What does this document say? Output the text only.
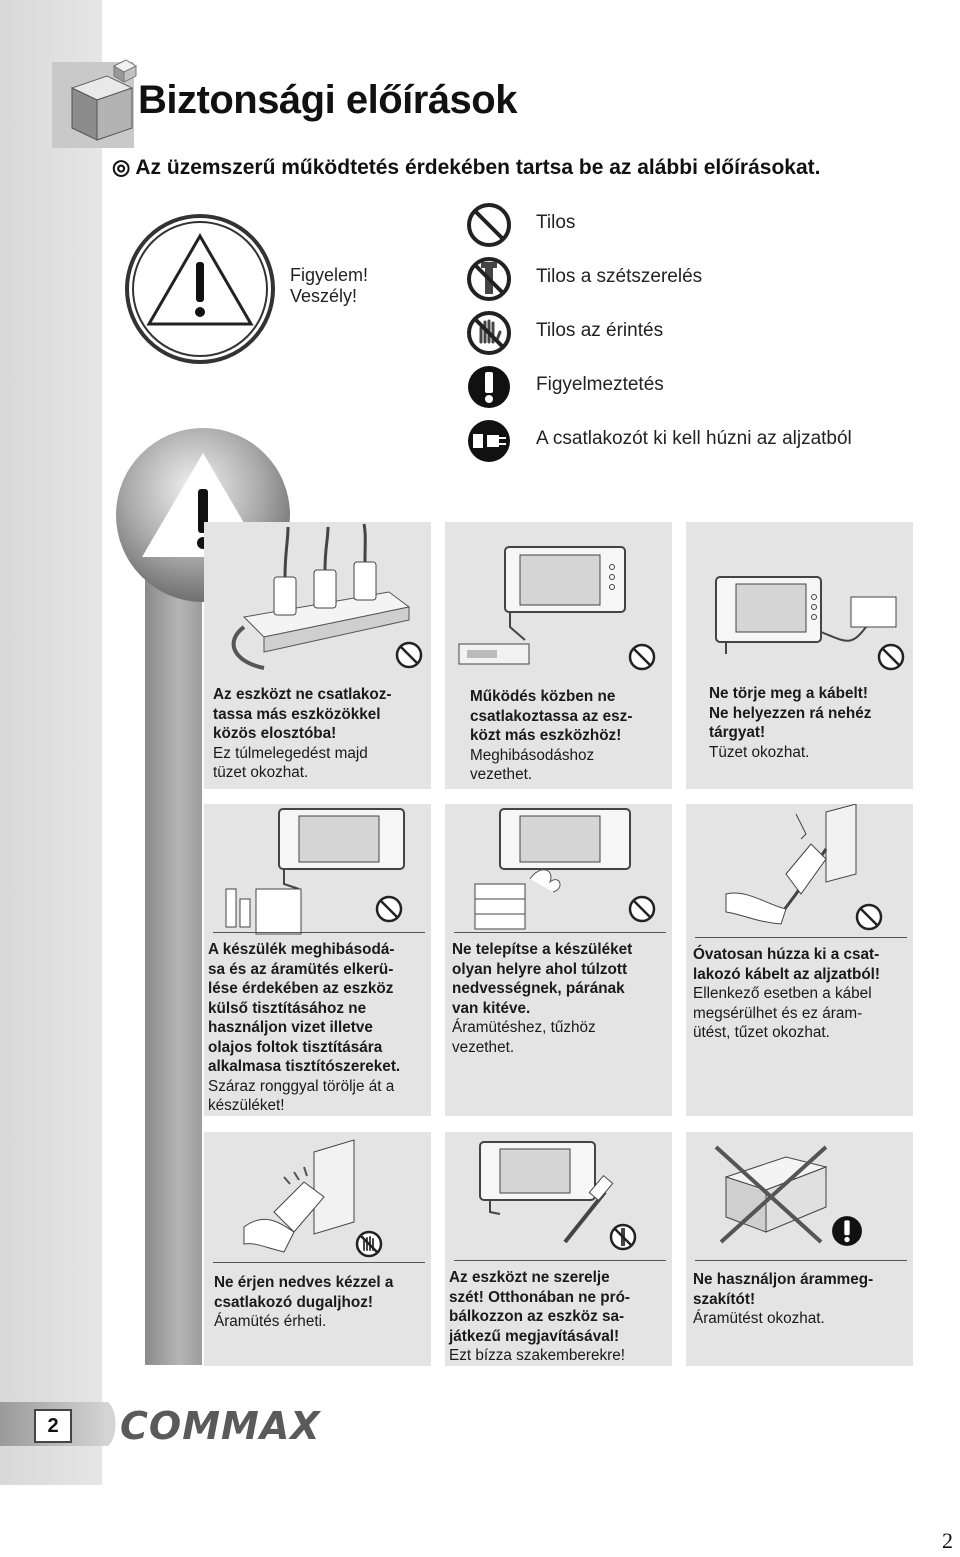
Biztonsági előírások
◎ Az üzemszerű működtetés érdekében tartsa be az alábbi előírásokat.
Figyelem!
Veszély!
Tilos
Tilos a szétszerelés
Tilos az érintés
Figyelmeztetés
A csatlakozót ki kell húzni az aljzatból
Az eszközt ne csatlakoz-
tassa más eszközökkel
közös elosztóba!
Ez túlmelegedést majd
tüzet okozhat.
Működés közben ne
csatlakoztassa az esz-
közt más eszközhöz!
Meghibásodáshoz
vezethet.
Ne törje meg a kábelt!
Ne helyezzen rá nehéz
tárgyat!
Tüzet okozhat.
A készülék meghibásodá-
sa és az áramütés elkerü-
lése érdekében az eszköz
külső tisztításához ne
használjon vizet illetve
olajos foltok tisztítására
alkalmasa tisztítószereket.
Száraz ronggyal törölje át a
készüléket!
Ne telepítse a készüléket
olyan helyre ahol túlzott
nedvességnek, párának
van kitéve.
Áramütéshez, tűzhöz
vezethet.
Óvatosan húzza ki a csat-
lakozó kábelt az aljzatból!
Ellenkező esetben a kábel
megsérülhet és ez áram-
ütést, tűzet okozhat.
Ne érjen nedves kézzel a
csatlakozó dugaljhoz!
Áramütés érheti.
Az eszközt ne szerelje
szét! Otthonában ne pró-
bálkozzon az eszköz sa-
játkezű megjavításával!
Ezt bízza szakemberekre!
Ne használjon árammeg-
szakítót!
Áramütést okozhat.
2	COMMAX
2
